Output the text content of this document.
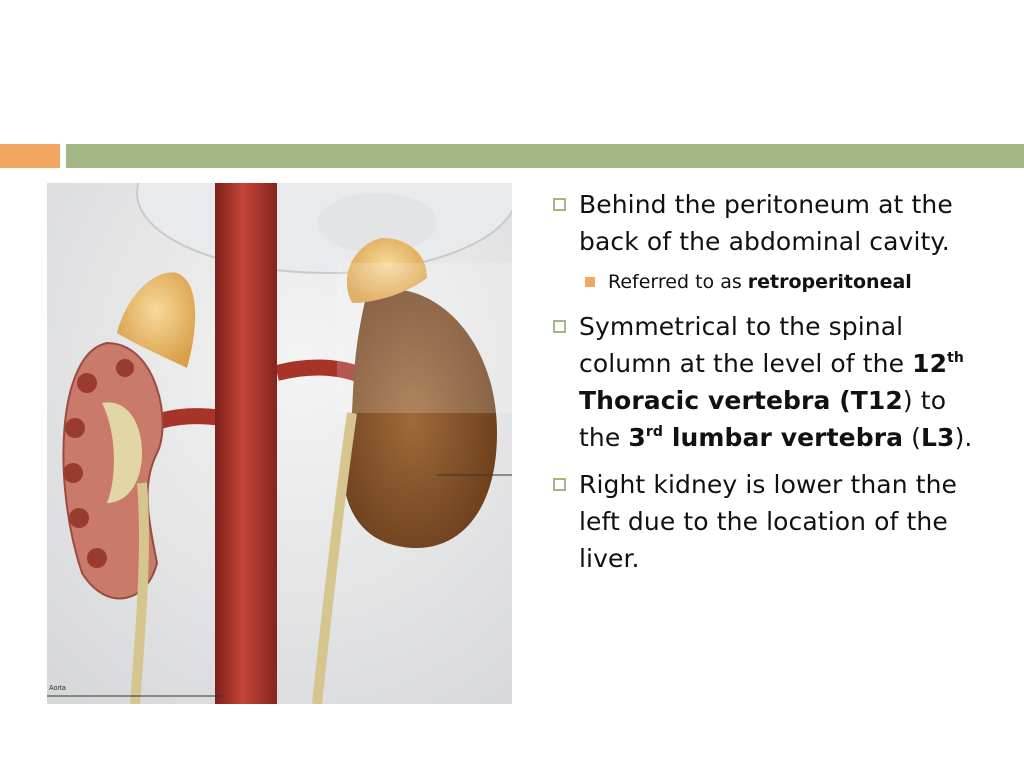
Aorta
Behind the peritoneum at the back of the abdominal cavity.
Referred to as retroperitoneal
Symmetrical to the spinal column at the level of the 12th Thoracic vertebra (T12) to the 3rd lumbar vertebra (L3).
Right kidney is lower than the left due to the location of the liver.
